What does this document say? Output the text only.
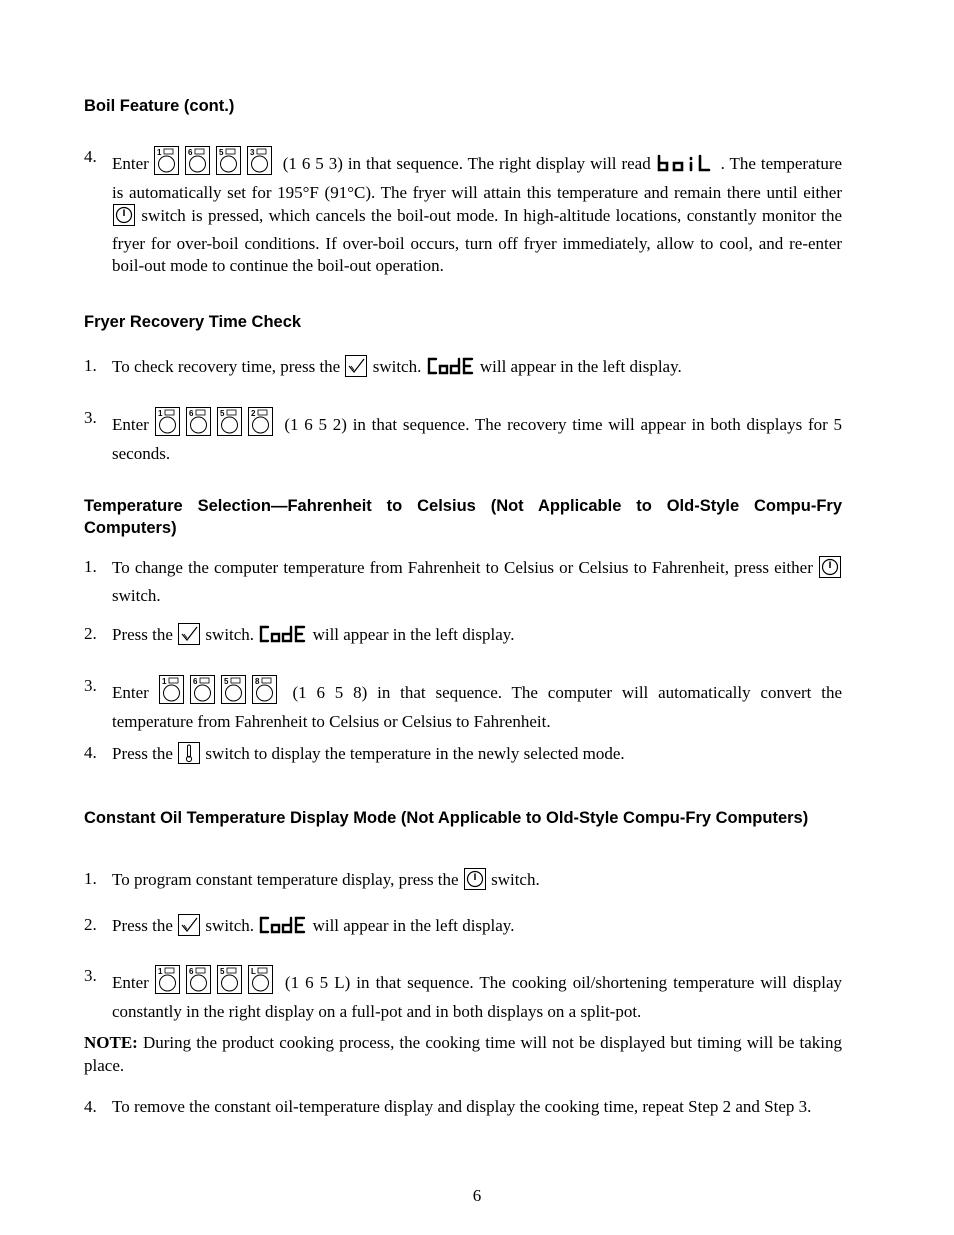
Boil Feature (cont.)
4. Enter
1	6	5	3
(1 6 5 3) in that sequence. The right display will read	. The temperature is automatically set for 195°F (91°C). The fryer will attain this temperature and remain there until either  switch is pressed, which cancels the boil-out mode. In high-altitude locations, constantly monitor the fryer for over-boil conditions. If over-boil occurs, turn off fryer immediately, allow to cool, and re-enter boil-out mode to continue the boil-out operation.
Fryer Recovery Time Check
1. To check recovery time, press the switch.	will appear in the left display.
3. Enter
1	6	5	2
(1 6 5 2) in that sequence. The recovery time will appear in both displays for 5 seconds.
Temperature Selection—Fahrenheit to Celsius (Not Applicable to Old-Style Compu-Fry Computers)
1. To change the computer temperature from Fahrenheit to Celsius or Celsius to Fahrenheit, press either  switch.
2. Press the switch.	will appear in the left display.
3. Enter
1	6	5	8
(1 6 5 8) in that sequence. The computer will automatically convert the temperature from Fahrenheit to Celsius or Celsius to Fahrenheit.
4. Press the switch to display the temperature in the newly selected mode.
Constant Oil Temperature Display Mode (Not Applicable to Old-Style Compu-Fry Computers)
1. To program constant temperature display, press the switch.
2. Press the switch.	will appear in the left display.
3. Enter
1	6	5	L
(1 6 5 L) in that sequence. The cooking oil/shortening temperature will display constantly in the right display on a full-pot and in both displays on a split-pot.
NOTE: During the product cooking process, the cooking time will not be displayed but timing will be taking place.
4. To remove the constant oil-temperature display and display the cooking time, repeat Step 2 and Step 3.
6
